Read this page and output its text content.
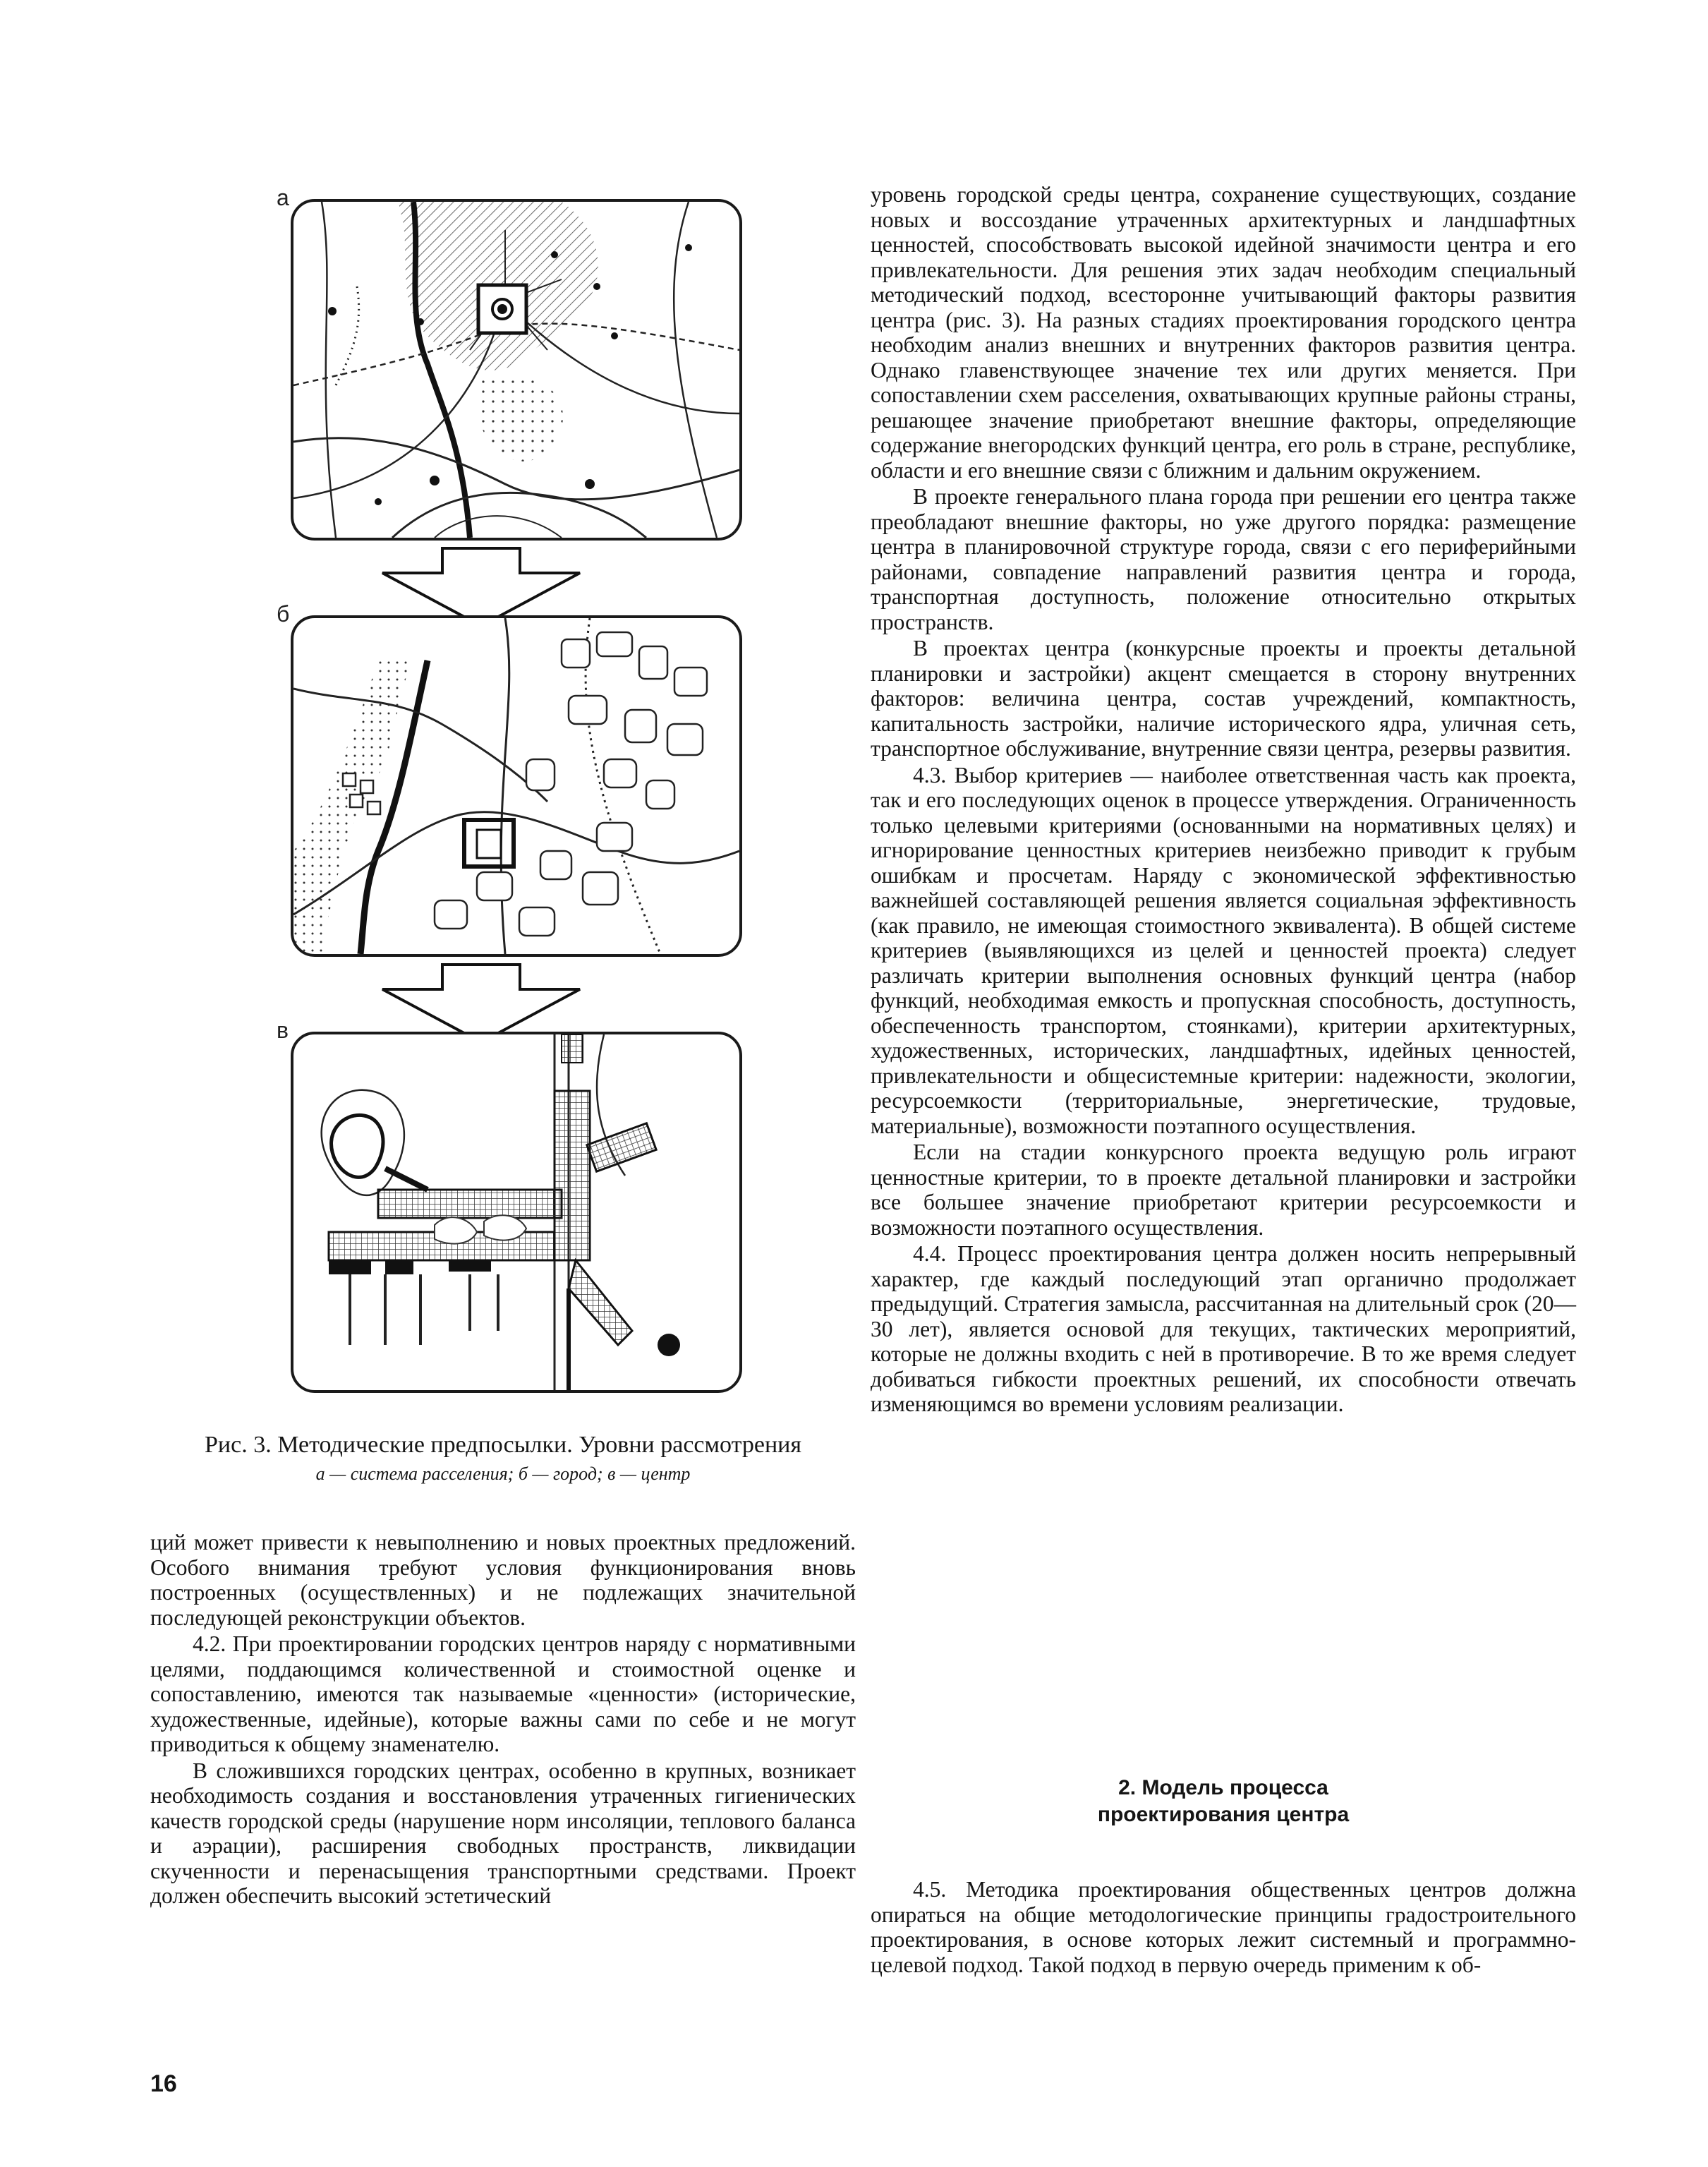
а
б
в
Рис. 3. Методические предпосылки. Уровни рассмотрения
а — система расселения; б — город; в — центр

уровень городской среды центра, сохранение существующих, создание новых и воссоздание утраченных архитектурных и ландшафтных ценностей, способствовать высокой идейной значимости центра и его привлекательности. Для решения этих задач необходим специальный методический подход, всесторонне учитывающий факторы развития центра (рис. 3). На разных стадиях проектирования городского центра необходим анализ внешних и внутренних факторов развития центра. Однако главенствующее значение тех или других меняется. При сопоставлении схем расселения, охватывающих крупные районы страны, решающее значение приобретают внешние факторы, определяющие содержание внегородских функций центра, его роль в стране, республике, области и его внешние связи с ближним и дальним окружением.

В проекте генерального плана города при решении его центра также преобладают внешние факторы, но уже другого порядка: размещение центра в планировочной структуре города, связи с его периферийными районами, совпадение направлений развития центра и города, транспортная доступность, положение относительно открытых пространств.

В проектах центра (конкурсные проекты и проекты детальной планировки и застройки) акцент смещается в сторону внутренних факторов: величина центра, состав учреждений, компактность, капитальность застройки, наличие исторического ядра, уличная сеть, транспортное обслуживание, внутренние связи центра, резервы развития.

4.3. Выбор критериев — наиболее ответственная часть как проекта, так и его последующих оценок в процессе утверждения. Ограниченность только целевыми критериями (основанными на нормативных целях) и игнорирование ценностных критериев неизбежно приводит к грубым ошибкам и просчетам. Наряду с экономической эффективностью важнейшей составляющей решения является социальная эффективность (как правило, не имеющая стоимостного эквивалента). В общей системе критериев (выявляющихся из целей и ценностей проекта) следует различать критерии выполнения основных функций центра (набор функций, необходимая емкость и пропускная способность, доступность, обеспеченность транспортом, стоянками), критерии архитектурных, художественных, исторических, ландшафтных, идейных ценностей, привлекательности и общесистемные критерии: надежности, экологии, ресурсоемкости (территориальные, энергетические, трудовые, материальные), возможности поэтапного осуществления.

Если на стадии конкурсного проекта ведущую роль играют ценностные критерии, то в проекте детальной планировки и застройки все большее значение приобретают критерии ресурсоемкости и возможности поэтапного осуществления.

4.4. Процесс проектирования центра должен носить непрерывный характер, где каждый последующий этап органично продолжает предыдущий. Стратегия замысла, рассчитанная на длительный срок (20—30 лет), является основой для текущих, тактических мероприятий, которые не должны входить с ней в противоречие. В то же время следует добиваться гибкости проектных решений, их способности отвечать изменяющимся во времени условиям реализации.

2. Модель процесса
проектирования центра

4.5. Методика проектирования общественных центров должна опираться на общие методологические принципы градостроительного проектирования, в основе которых лежит системный и программно-целевой подход. Такой подход в первую очередь применим к об-

ций может привести к невыполнению и новых проектных предложений. Особого внимания требуют условия функционирования вновь построенных (осуществленных) и не подлежащих значительной последующей реконструкции объектов.

4.2. При проектировании городских центров наряду с нормативными целями, поддающимся количественной и стоимостной оценке и сопоставлению, имеются так называемые «ценности» (исторические, художественные, идейные), которые важны сами по себе и не могут приводиться к общему знаменателю.

В сложившихся городских центрах, особенно в крупных, возникает необходимость создания и восстановления утраченных гигиенических качеств городской среды (нарушение норм инсоляции, теплового баланса и аэрации), расширения свободных пространств, ликвидации скученности и перенасыщения транспортными средствами. Проект должен обеспечить высокий эстетический

16
